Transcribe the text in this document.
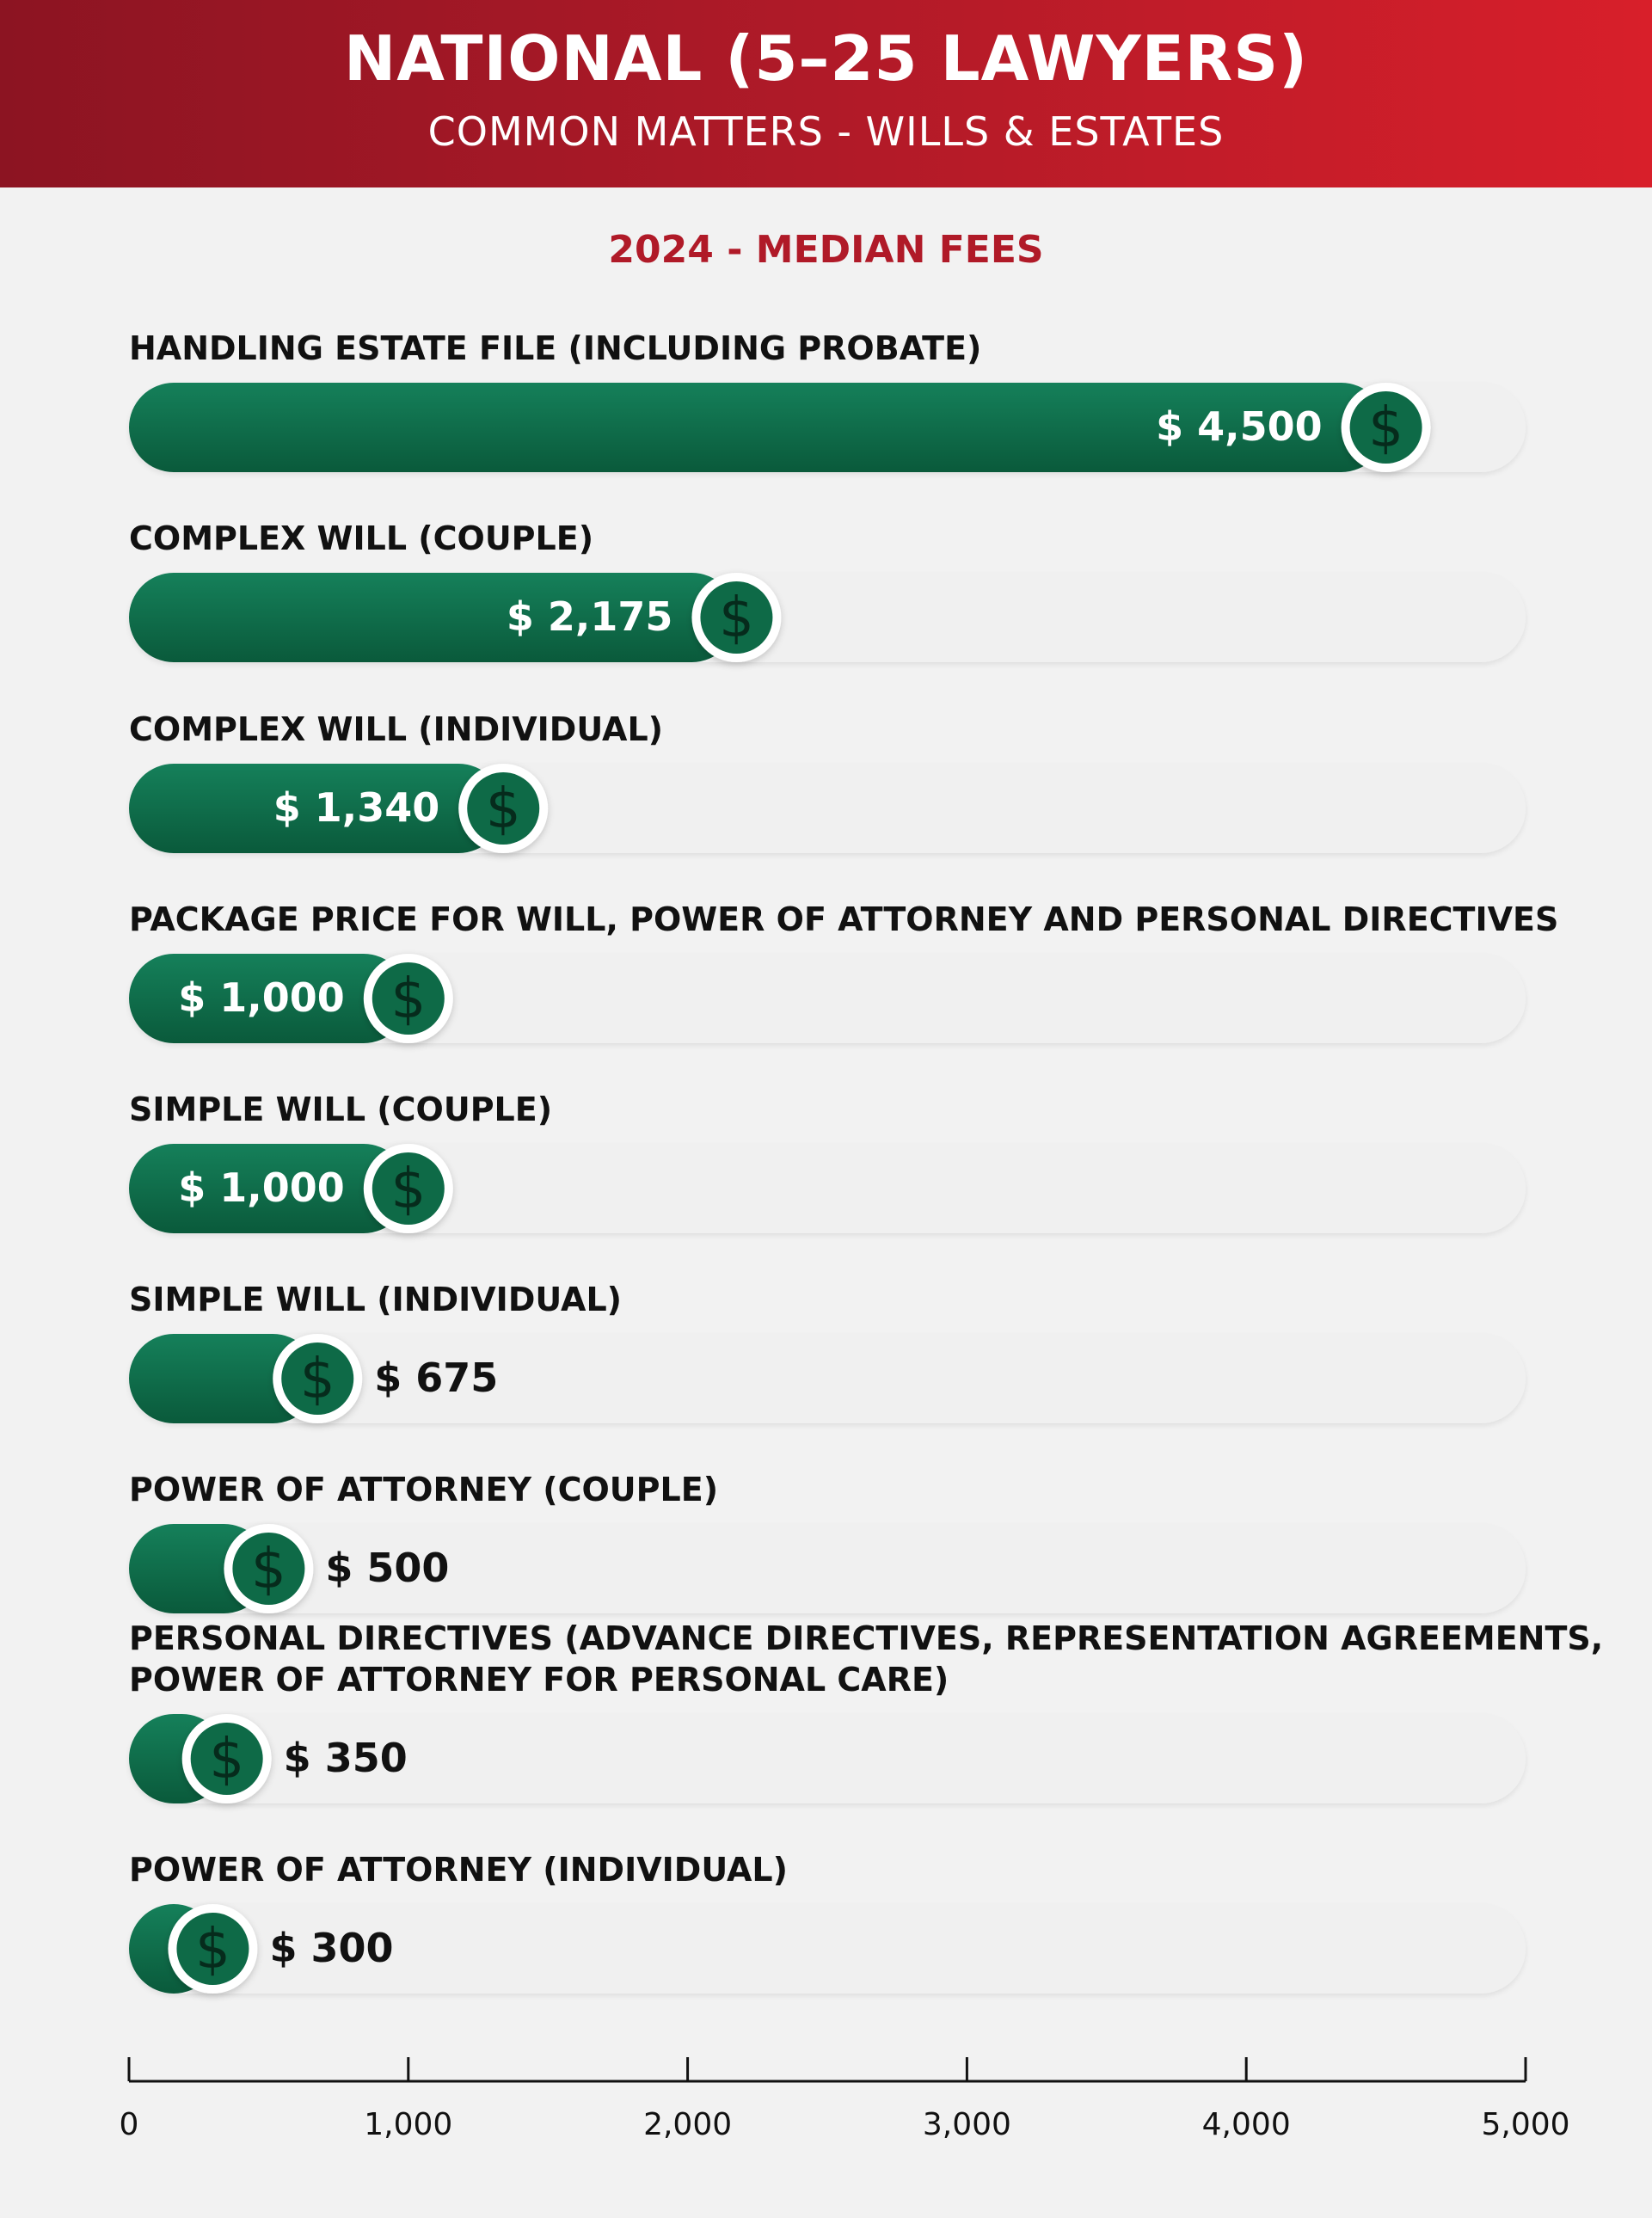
NATIONAL (5–25 LAWYERS)
COMMON MATTERS - WILLS & ESTATES
2024 - MEDIAN FEES
HANDLING ESTATE FILE (INCLUDING PROBATE)
$
$ 4,500
COMPLEX WILL (COUPLE)
$
$ 2,175
COMPLEX WILL (INDIVIDUAL)
$
$ 1,340
PACKAGE PRICE FOR WILL, POWER OF ATTORNEY AND PERSONAL DIRECTIVES
$
$ 1,000
SIMPLE WILL (COUPLE)
$
$ 1,000
SIMPLE WILL (INDIVIDUAL)
$ $ 675
POWER OF ATTORNEY (COUPLE)
$ $ 500
PERSONAL DIRECTIVES (ADVANCE DIRECTIVES, REPRESENTATION AGREEMENTS, POWER OF ATTORNEY FOR PERSONAL CARE)
$ $ 350
POWER OF ATTORNEY (INDIVIDUAL)
$ $ 300
0	1,000	2,000	3,000	4,000	5,000
